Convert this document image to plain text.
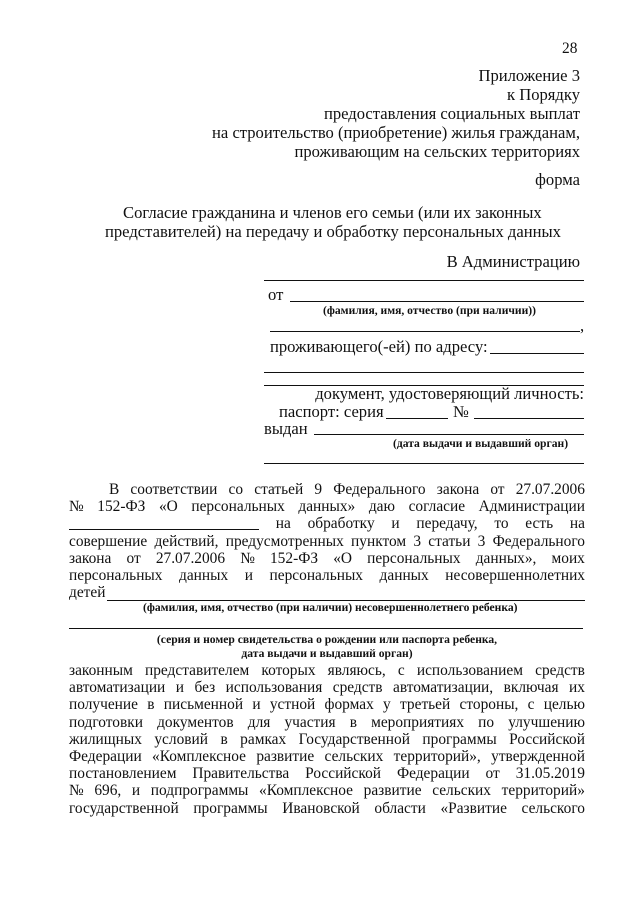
28
Приложение 3
к Порядку
предоставления социальных выплат
на строительство (приобретение) жилья гражданам,
проживающим на сельских территориях
форма
Согласие гражданина и членов его семьи (или их законных
представителей) на передачу и обработку персональных данных
В Администрацию
от
(фамилия, имя, отчество (при наличии))
,
проживающего(-ей) по адресу:
документ, удостоверяющий личность:
паспорт: серия	№
выдан
(дата выдачи и выдавший орган)
В соответствии со статьей 9 Федерального закона от 27.07.2006
№ 152-ФЗ «О персональных данных» даю согласие Администрации
на обработку и передачу, то есть на
совершение действий, предусмотренных пунктом 3 статьи 3 Федерального
закона от 27.07.2006 № 152-ФЗ «О персональных данных», моих
персональных данных и персональных данных несовершеннолетних
детей
(фамилия, имя, отчество (при наличии) несовершеннолетнего ребенка)
(серия и номер свидетельства о рождении или паспорта ребенка,
дата выдачи и выдавший орган)
законным представителем которых являюсь, с использованием средств
автоматизации и без использования средств автоматизации, включая их
получение в письменной и устной формах у третьей стороны, с целью
подготовки документов для участия в мероприятиях по улучшению
жилищных условий в рамках Государственной программы Российской
Федерации «Комплексное развитие сельских территорий», утвержденной
постановлением Правительства Российской Федерации от 31.05.2019
№ 696, и подпрограммы «Комплексное развитие сельских территорий»
государственной программы Ивановской области «Развитие сельского
